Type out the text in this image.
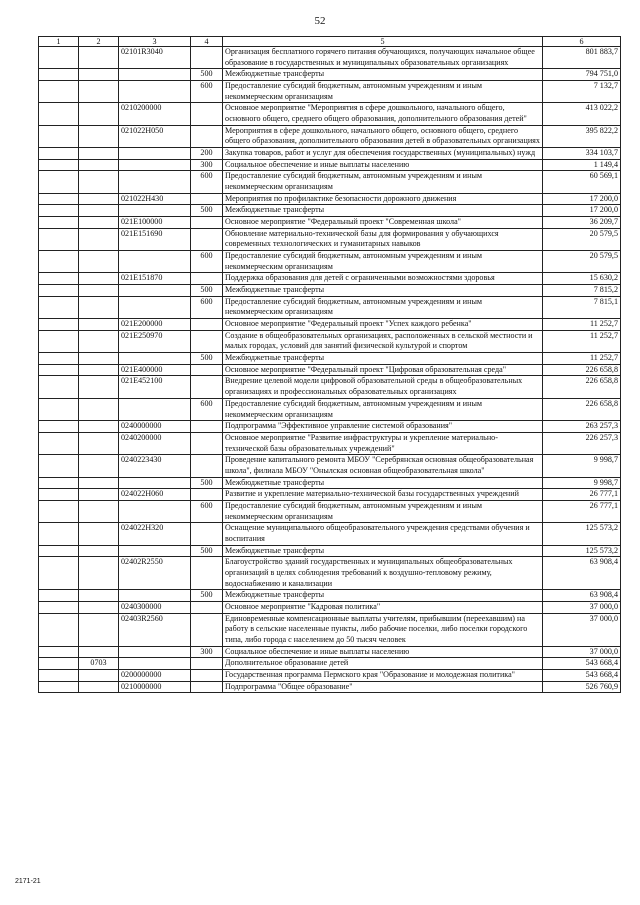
52
1	2	3	4	5	6
		02101R3040		Организация бесплатного горячего питания обучающихся, получающих начальное общее образование в государственных и муниципальных образовательных организациях	801 883,7
			500	Межбюджетные трансферты	794 751,0
			600	Предоставление субсидий бюджетным, автономным учреждениям и иным некоммерческим организациям	7 132,7
		0210200000		Основное мероприятие "Мероприятия в сфере дошкольного, начального общего, основного общего, среднего общего образования, дополнительного образования детей"	413 022,2
		021022Н050		Мероприятия в сфере дошкольного, начального общего, основного общего, среднего общего образования, дополнительного образования детей в образовательных организациях	395 822,2
			200	Закупка товаров, работ и услуг для обеспечения государственных (муниципальных) нужд	334 103,7
			300	Социальное обеспечение и иные выплаты населению	1 149,4
			600	Предоставление субсидий бюджетным, автономным учреждениям и иным некоммерческим организациям	60 569,1
		021022Н430		Мероприятия по профилактике безопасности дорожного движения	17 200,0
			500	Межбюджетные трансферты	17 200,0
		021Е100000		Основное мероприятие "Федеральный проект "Современная школа"	36 209,7
		021Е151690		Обновление материально-технической базы для формирования у обучающихся современных технологических и гуманитарных навыков	20 579,5
			600	Предоставление субсидий бюджетным, автономным учреждениям и иным некоммерческим организациям	20 579,5
		021Е151870		Поддержка образования для детей с ограниченными возможностями здоровья	15 630,2
			500	Межбюджетные трансферты	7 815,2
			600	Предоставление субсидий бюджетным, автономным учреждениям и иным некоммерческим организациям	7 815,1
		021Е200000		Основное мероприятие "Федеральный проект "Успех каждого ребенка"	11 252,7
		021Е250970		Создание в общеобразовательных организациях, расположенных в сельской местности и малых городах, условий для занятий физической культурой и спортом	11 252,7
			500	Межбюджетные трансферты	11 252,7
		021Е400000		Основное мероприятие "Федеральный проект "Цифровая образовательная среда"	226 658,8
		021Е452100		Внедрение целевой модели цифровой образовательной среды в общеобразовательных организациях и профессиональных образовательных организациях	226 658,8
			600	Предоставление субсидий бюджетным, автономным учреждениям и иным некоммерческим организациям	226 658,8
		0240000000		Подпрограмма "Эффективное управление системой образования"	263 257,3
		0240200000		Основное мероприятие "Развитие инфраструктуры и укрепление материально-технической базы образовательных учреждений"	226 257,3
		0240223430		Проведение капитального ремонта МБОУ "Серебрянская основная общеобразовательная школа", филиала МБОУ "Онылская основная общеобразовательная школа"	9 998,7
			500	Межбюджетные трансферты	9 998,7
		024022Н060		Развитие и укрепление материально-технической базы государственных учреждений	26 777,1
			600	Предоставление субсидий бюджетным, автономным учреждениям и иным некоммерческим организациям	26 777,1
		024022Н320		Оснащение муниципального общеобразовательного учреждения средствами обучения и воспитания	125 573,2
			500	Межбюджетные трансферты	125 573,2
		02402R2550		Благоустройство зданий государственных и муниципальных общеобразовательных организаций в целях соблюдения требований к воздушно-тепловому режиму, водоснабжению и канализации	63 908,4
			500	Межбюджетные трансферты	63 908,4
		0240300000		Основное мероприятие "Кадровая политика"	37 000,0
		02403R2560		Единовременные компенсационные выплаты учителям, прибывшим (переехавшим) на работу в сельские населенные пункты, либо рабочие поселки, либо поселки городского типа, либо города с населением до 50 тысяч человек	37 000,0
			300	Социальное обеспечение и иные выплаты населению	37 000,0
	0703			Дополнительное образование детей	543 668,4
		0200000000		Государственная программа Пермского края "Образование и молодежная политика"	543 668,4
		0210000000		Подпрограмма "Общее образование"	526 760,9
2171-21
